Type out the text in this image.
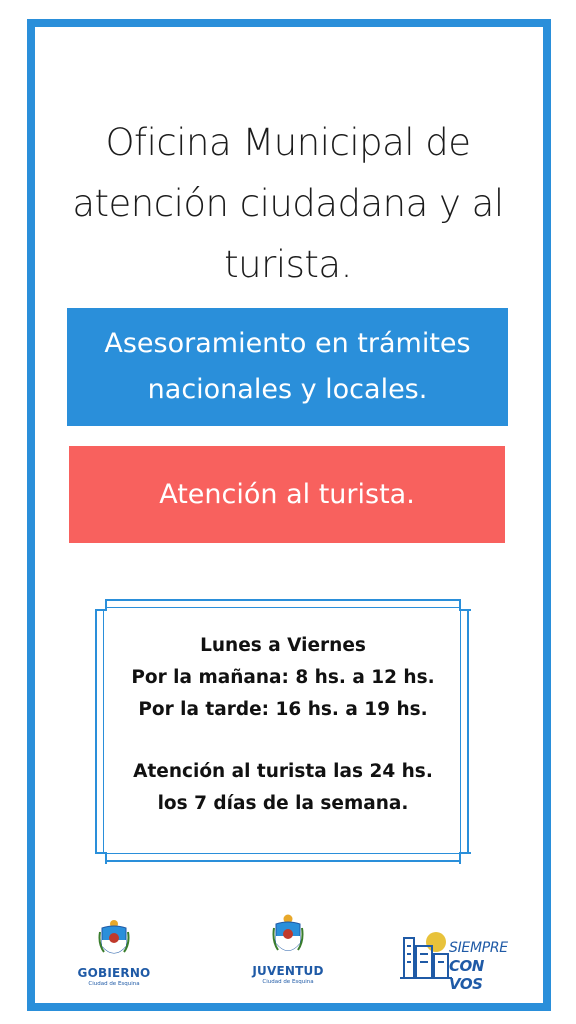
Oficina Municipal de
atención ciudadana y al
turista.
Asesoramiento en trámites
nacionales y locales.
Atención al turista.
Lunes a Viernes
Por la mañana: 8 hs. a 12 hs.
Por la tarde: 16 hs. a 19 hs.
Atención al turista las 24 hs.
los 7 días de la semana.
GOBIERNO
Ciudad de Esquina
JUVENTUD
Ciudad de Esquina
SIEMPRE
CON VOS
